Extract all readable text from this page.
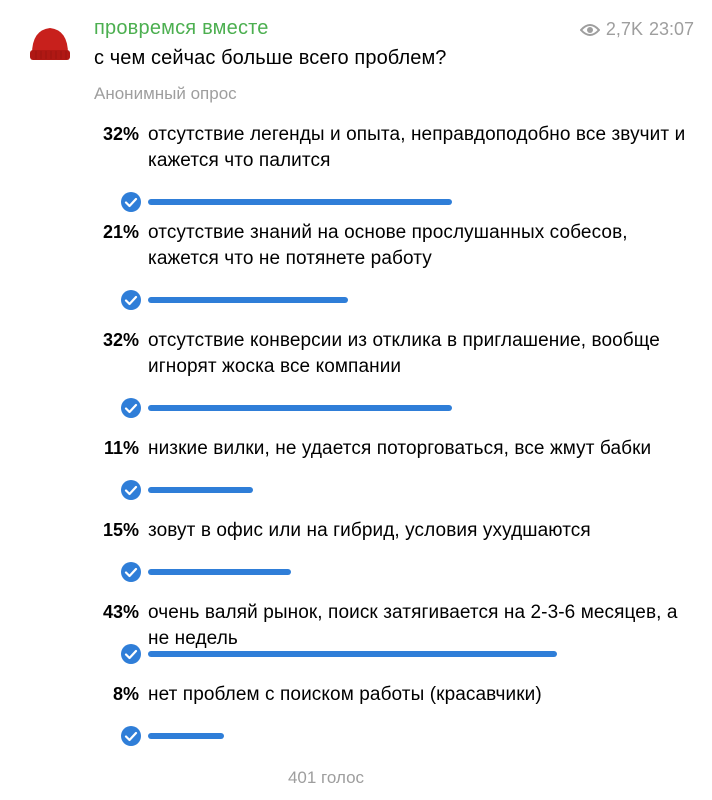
провремся вместе	2,7K 23:07
с чем сейчас больше всего проблем?
Анонимный опрос
32% отсутствие легенды и опыта, неправдоподобно все звучит и кажется что палится
21% отсутствие знаний на основе прослушанных собесов, кажется что не потянете работу
32% отсутствие конверсии из отклика в приглашение, вообще игнорят жоска все компании
11% низкие вилки, не удается поторговаться, все жмут бабки
15% зовут в офис или на гибрид, условия ухудшаются
43% очень валяй рынок, поиск затягивается на 2-3-6 месяцев, а не недель
8% нет проблем с поиском работы (красавчики)
401 голос
